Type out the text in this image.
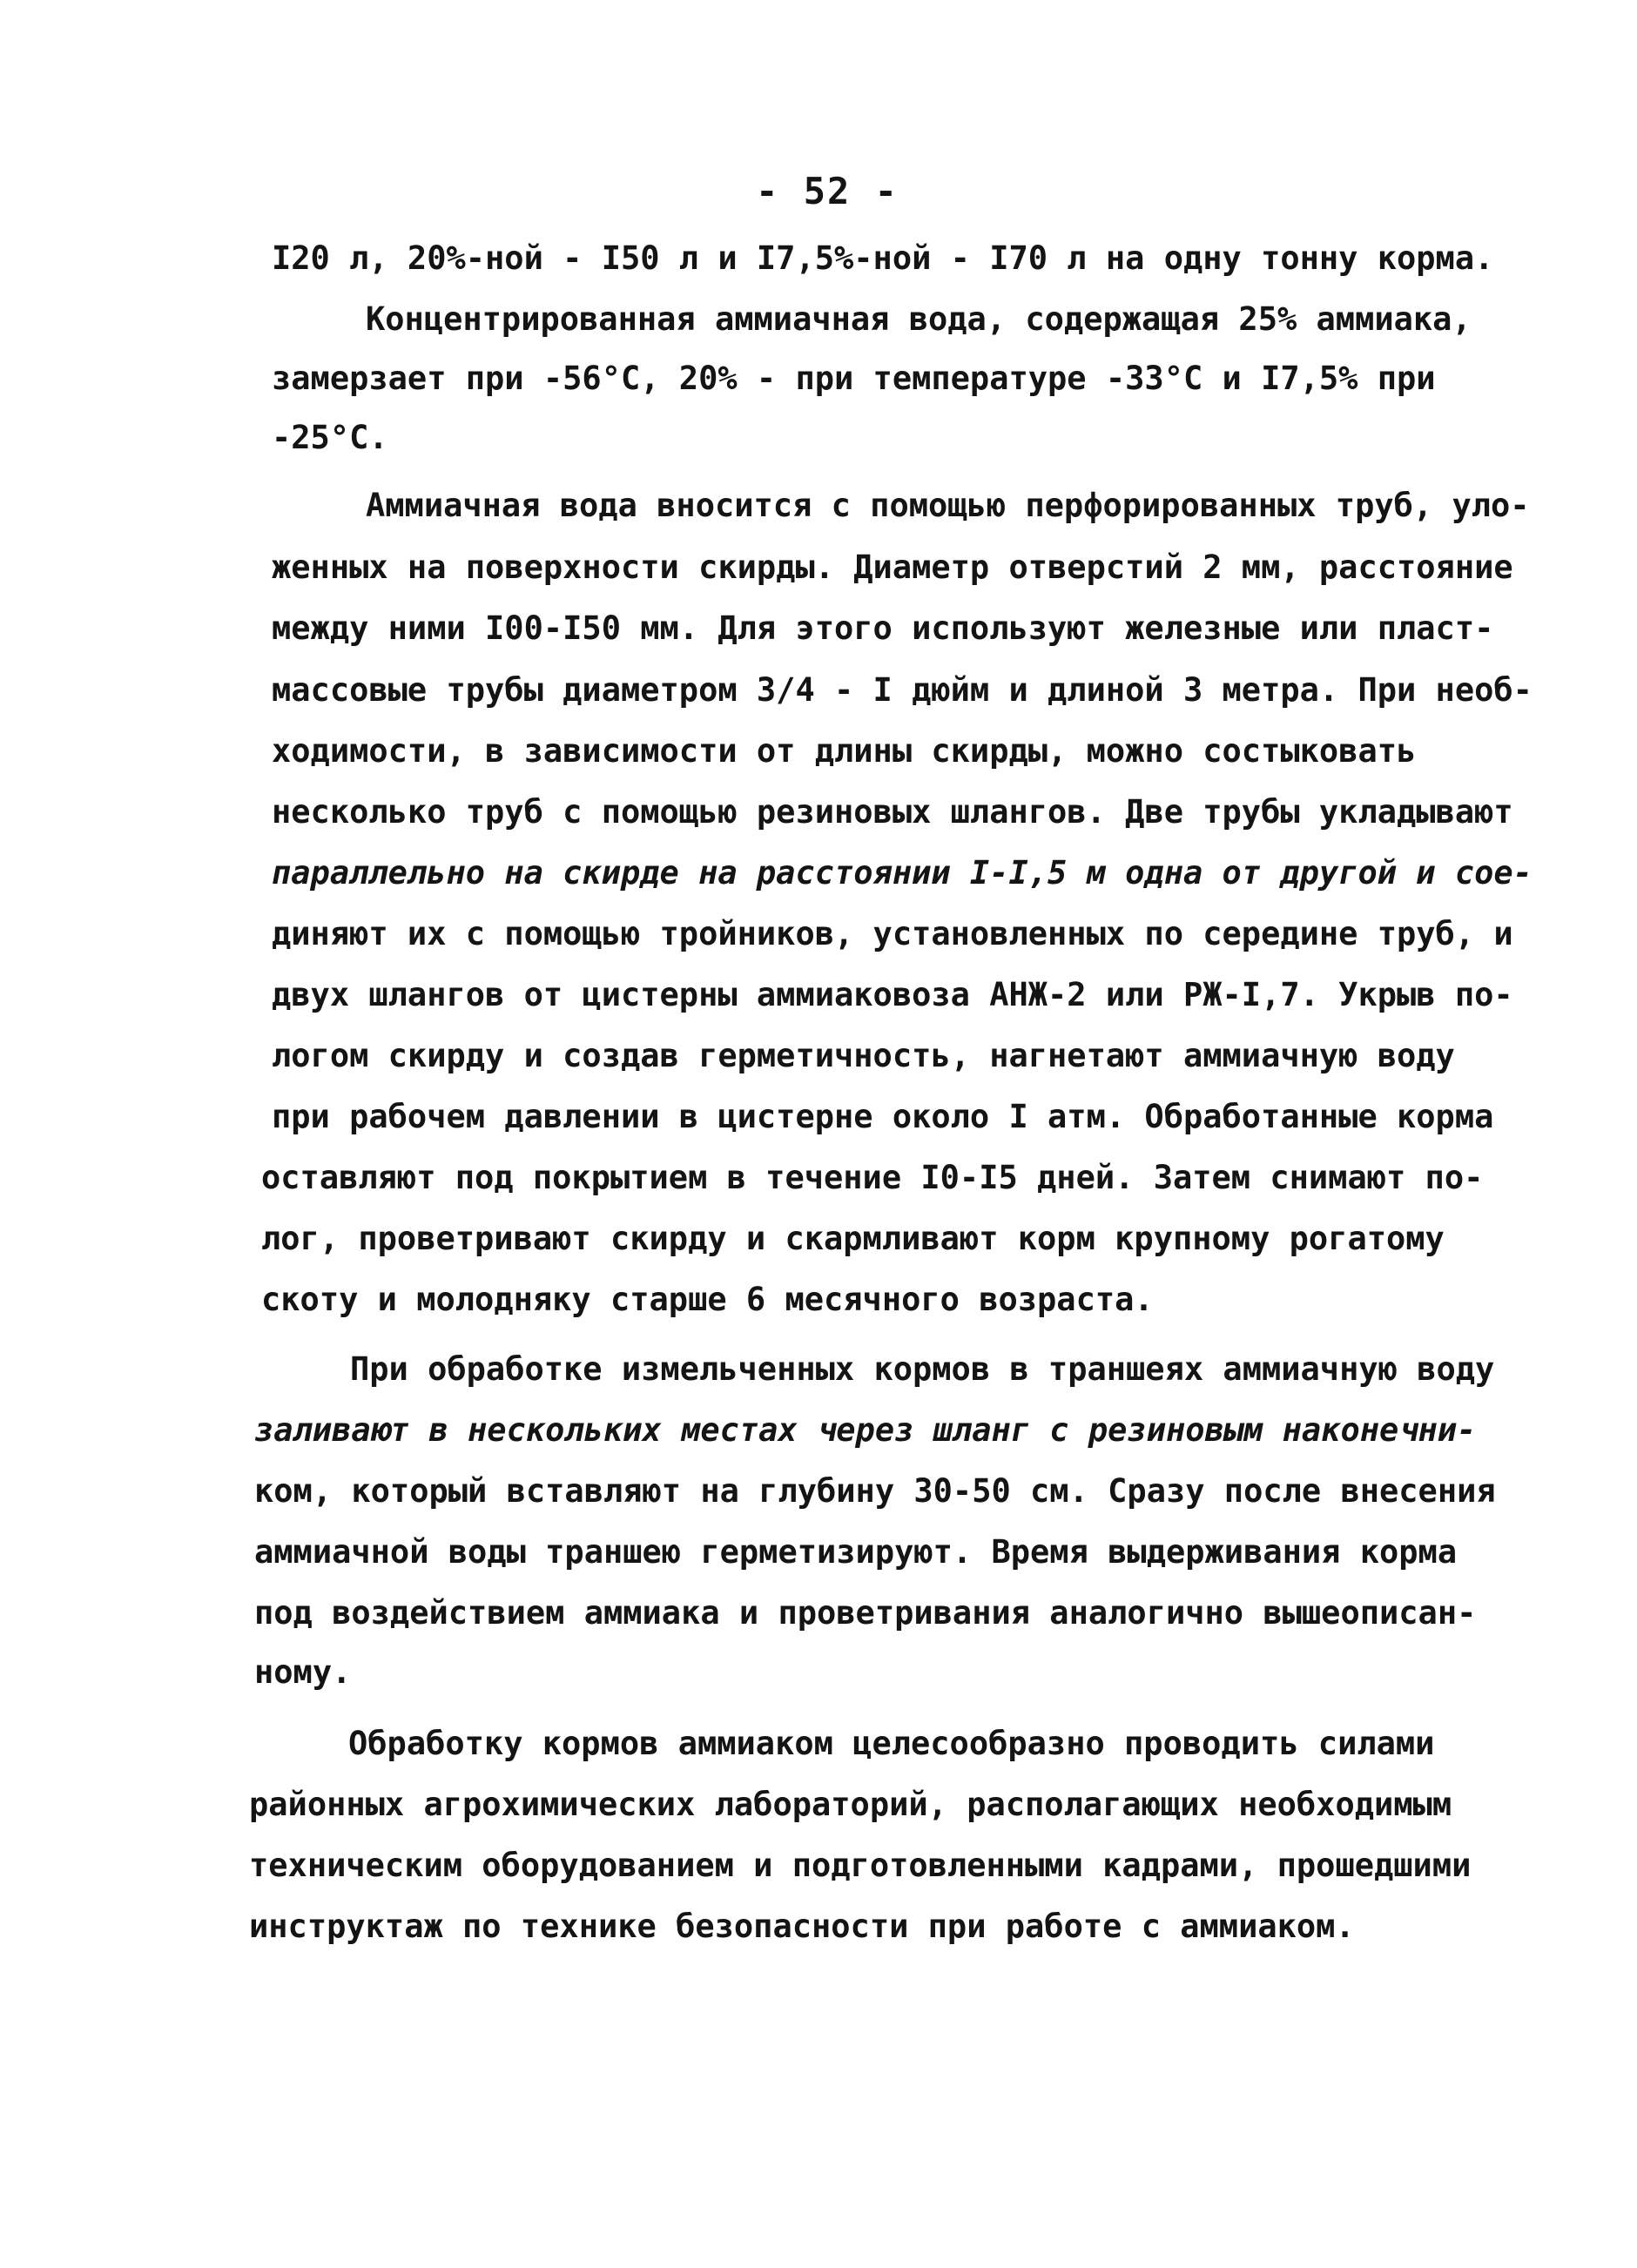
- 52 -
I20 л, 20%-ной - I50 л и I7,5%-ной - I70 л на одну тонну корма.
Концентрированная аммиачная вода, содержащая 25% аммиака,
замерзает при -56°С, 20% - при температуре -33°С и I7,5% при
-25°С.
Аммиачная вода вносится с помощью перфорированных труб, уло-
женных на поверхности скирды. Диаметр отверстий 2 мм, расстояние
между ними I00-I50 мм. Для этого используют железные или пласт-
массовые трубы диаметром 3/4 - I дюйм и длиной 3 метра. При необ-
ходимости, в зависимости от длины скирды, можно состыковать
несколько труб с помощью резиновых шлангов. Две трубы укладывают
параллельно на скирде на расстоянии I-I,5 м одна от другой и сое-
диняют их с помощью тройников, установленных по середине труб, и
двух шлангов от цистерны аммиаковоза АНЖ-2 или РЖ-I,7. Укрыв по-
логом скирду и создав герметичность, нагнетают аммиачную воду
при рабочем давлении в цистерне около I атм. Обработанные корма
оставляют под покрытием в течение I0-I5 дней. Затем снимают по-
лог, проветривают скирду и скармливают корм крупному рогатому
скоту и молодняку старше 6 месячного возраста.
При обработке измельченных кормов в траншеях аммиачную воду
заливают в нескольких местах через шланг с резиновым наконечни-
ком, который вставляют на глубину 30-50 см. Сразу после внесения
аммиачной воды траншею герметизируют. Время выдерживания корма
под воздействием аммиака и проветривания аналогично вышеописан-
ному.
Обработку кормов аммиаком целесообразно проводить силами
районных агрохимических лабораторий, располагающих необходимым
техническим оборудованием и подготовленными кадрами, прошедшими
инструктаж по технике безопасности при работе с аммиаком.
